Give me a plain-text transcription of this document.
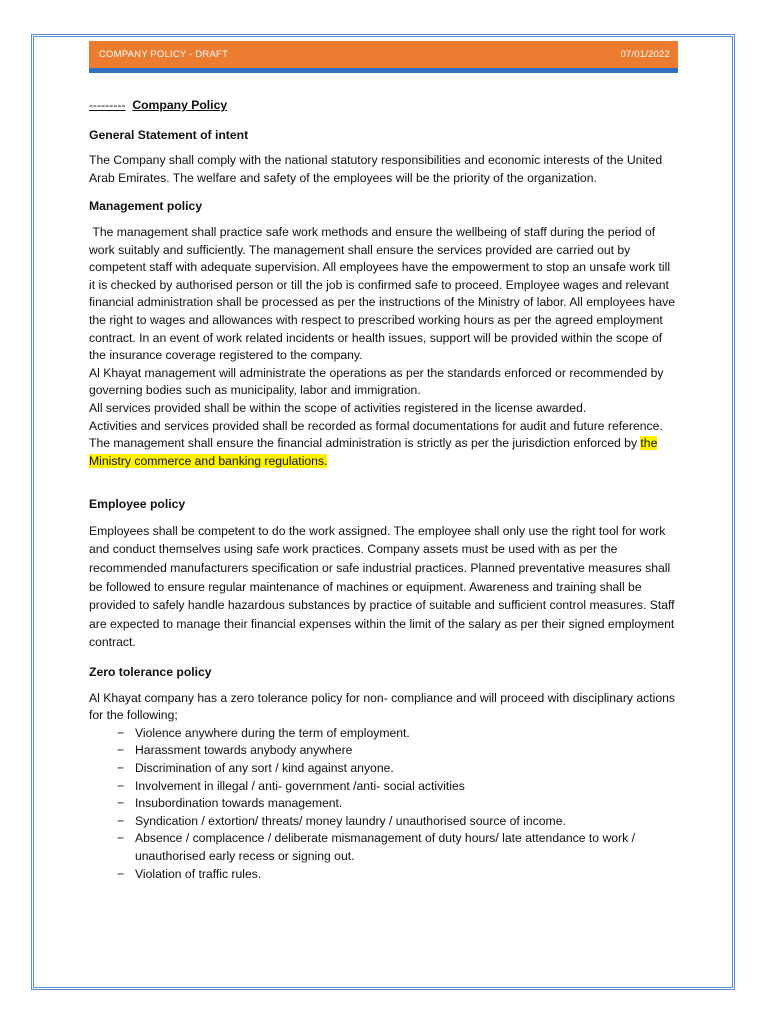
COMPANY POLICY - DRAFT	07/01/2022

--------- Company Policy

General Statement of intent

The Company shall comply with the national statutory responsibilities and economic interests of the United Arab Emirates. The welfare and safety of the employees will be the priority of the organization.

Management policy

The management shall practice safe work methods and ensure the wellbeing of staff during the period of work suitably and sufficiently. The management shall ensure the services provided are carried out by competent staff with adequate supervision. All employees have the empowerment to stop an unsafe work till it is checked by authorised person or till the job is confirmed safe to proceed. Employee wages and relevant financial administration shall be processed as per the instructions of the Ministry of labor. All employees have the right to wages and allowances with respect to prescribed working hours as per the agreed employment contract. In an event of work related incidents or health issues, support will be provided within the scope of the insurance coverage registered to the company.

Al Khayat management will administrate the operations as per the standards enforced or recommended by governing bodies such as municipality, labor and immigration.

All services provided shall be within the scope of activities registered in the license awarded.

Activities and services provided shall be recorded as formal documentations for audit and future reference.

The management shall ensure the financial administration is strictly as per the jurisdiction enforced by the Ministry commerce and banking regulations.

Employee policy

Employees shall be competent to do the work assigned. The employee shall only use the right tool for work and conduct themselves using safe work practices. Company assets must be used with as per the recommended manufacturers specification or safe industrial practices. Planned preventative measures shall be followed to ensure regular maintenance of machines or equipment. Awareness and training shall be provided to safely handle hazardous substances by practice of suitable and sufficient control measures. Staff are expected to manage their financial expenses within the limit of the salary as per their signed employment contract.

Zero tolerance policy

Al Khayat company has a zero tolerance policy for non- compliance and will proceed with disciplinary actions for the following;

− Violence anywhere during the term of employment.
− Harassment towards anybody anywhere
− Discrimination of any sort / kind against anyone.
− Involvement in illegal / anti- government /anti- social activities
− Insubordination towards management.
− Syndication / extortion/ threats/ money laundry / unauthorised source of income.
− Absence / complacence / deliberate mismanagement of duty hours/ late attendance to work / unauthorised early recess or signing out.
− Violation of traffic rules.
